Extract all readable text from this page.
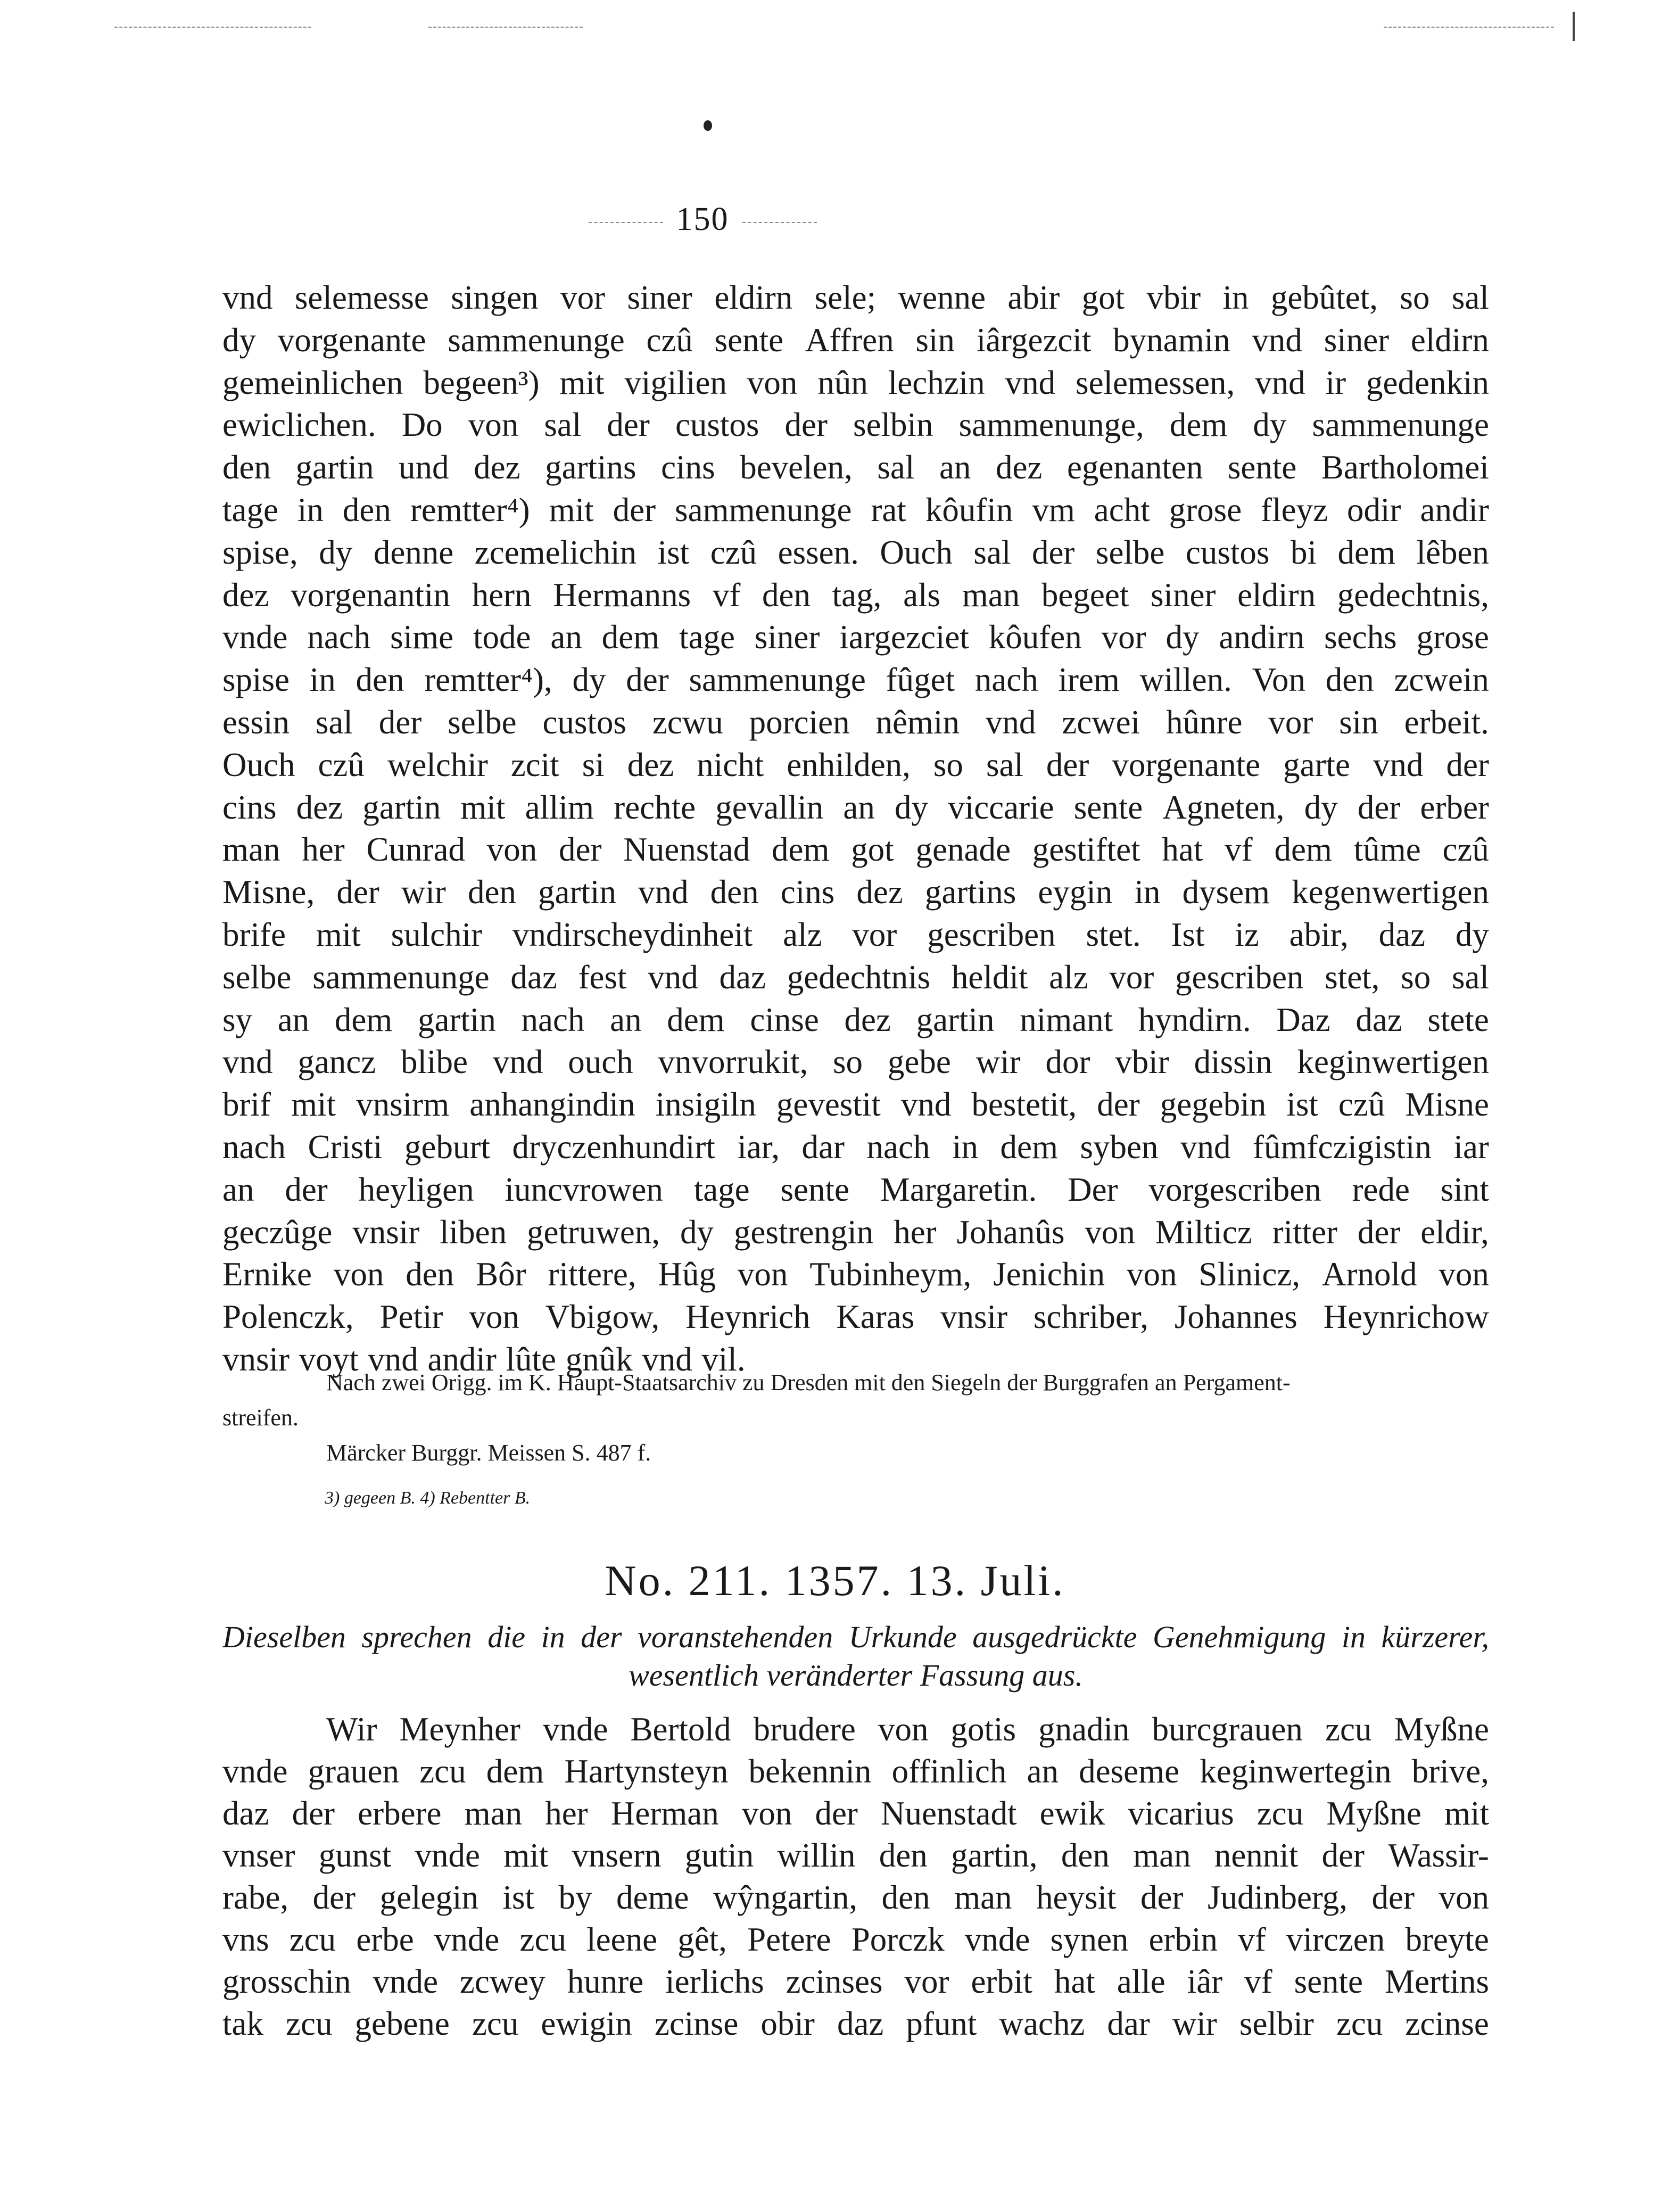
150
vnd selemesse singen vor siner eldirn sele; wenne abir got vbir in gebûtet, so sal
dy vorgenante sammenunge czû sente Affren sin iârgezcit bynamin vnd siner eldirn
gemeinlichen begeen³) mit vigilien von nûn lechzin vnd selemessen, vnd ir gedenkin
ewiclichen. Do von sal der custos der selbin sammenunge, dem dy sammenunge
den gartin und dez gartins cins bevelen, sal an dez egenanten sente Bartholomei
tage in den remtter⁴) mit der sammenunge rat kôufin vm acht grose fleyz odir andir
spise, dy denne zcemelichin ist czû essen. Ouch sal der selbe custos bi dem lêben
dez vorgenantin hern Hermanns vf den tag, als man begeet siner eldirn gedechtnis,
vnde nach sime tode an dem tage siner iargezciet kôufen vor dy andirn sechs grose
spise in den remtter⁴), dy der sammenunge fûget nach irem willen. Von den zcwein
essin sal der selbe custos zcwu porcien nêmin vnd zcwei hûnre vor sin erbeit.
Ouch czû welchir zcit si dez nicht enhilden, so sal der vorgenante garte vnd der
cins dez gartin mit allim rechte gevallin an dy viccarie sente Agneten, dy der erber
man her Cunrad von der Nuenstad dem got genade gestiftet hat vf dem tûme czû
Misne, der wir den gartin vnd den cins dez gartins eygin in dysem kegenwertigen
brife mit sulchir vndirscheydinheit alz vor gescriben stet. Ist iz abir, daz dy
selbe sammenunge daz fest vnd daz gedechtnis heldit alz vor gescriben stet, so sal
sy an dem gartin nach an dem cinse dez gartin nimant hyndirn. Daz daz stete
vnd gancz blibe vnd ouch vnvorrukit, so gebe wir dor vbir dissin keginwertigen
brif mit vnsirm anhangindin insigiln gevestit vnd bestetit, der gegebin ist czû Misne
nach Cristi geburt dryczenhundirt iar, dar nach in dem syben vnd fûmfczigistin iar
an der heyligen iuncvrowen tage sente Margaretin. Der vorgescriben rede sint
geczûge vnsir liben getruwen, dy gestrengin her Johanûs von Milticz ritter der eldir,
Ernike von den Bôr rittere, Hûg von Tubinheym, Jenichin von Slinicz, Arnold von
Polenczk, Petir von Vbigow, Heynrich Karas vnsir schriber, Johannes Heynrichow
vnsir voyt vnd andir lûte gnûk vnd vil.
Nach zwei Origg. im K. Haupt-Staatsarchiv zu Dresden mit den Siegeln der Burggrafen an Pergament-
streifen.
Märcker Burggr. Meissen S. 487 f.
3) gegeen B. 4) Rebentter B.
No. 211. 1357. 13. Juli.
Dieselben sprechen die in der voranstehenden Urkunde ausgedrückte Genehmigung in kürzerer,
wesentlich veränderter Fassung aus.
Wir Meynher vnde Bertold brudere von gotis gnadin burcgrauen zcu Myßne
vnde grauen zcu dem Hartynsteyn bekennin offinlich an deseme keginwertegin brive,
daz der erbere man her Herman von der Nuenstadt ewik vicarius zcu Myßne mit
vnser gunst vnde mit vnsern gutin willin den gartin, den man nennit der Wassir-
rabe, der gelegin ist by deme wŷngartin, den man heysit der Judinberg, der von
vns zcu erbe vnde zcu leene gêt, Petere Porczk vnde synen erbin vf virczen breyte
grosschin vnde zcwey hunre ierlichs zcinses vor erbit hat alle iâr vf sente Mertins
tak zcu gebene zcu ewigin zcinse obir daz pfunt wachz dar wir selbir zcu zcinse
